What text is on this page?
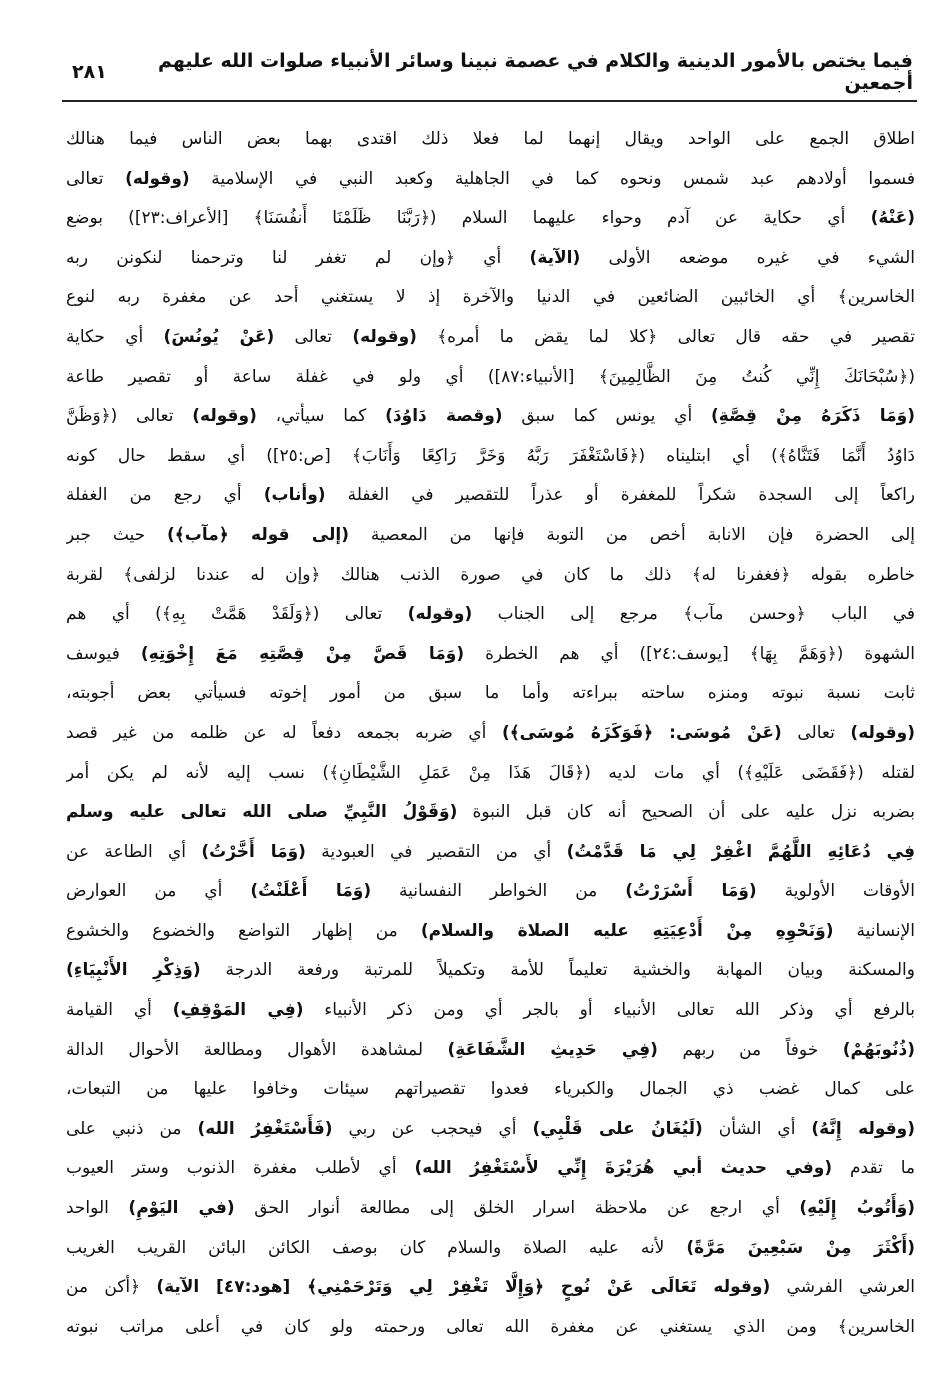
فيما يختص بالأمور الدينية والكلام في عصمة نبينا وسائر الأنبياء صلوات الله عليهم أجمعين
٢٨١
اطلاق الجمع على الواحد ويقال إنهما لما فعلا ذلك اقتدى بهما بعض الناس فيما هنالك
فسموا أولادهم عبد شمس ونحوه كما في الجاهلية وكعبد النبي في الإسلامية (وقوله) تعالى
(عَنْهُ) أي حكاية عن آدم وحواء عليهما السلام (﴿رَبَّنَا ظَلَمْنَا أَنفُسَنَا﴾ [الأعراف:٢٣]) بوضع
الشيء في غيره موضعه الأولى (الآية) أي ﴿وإن لم تغفر لنا وترحمنا لنكونن ربه
الخاسرين﴾ أي الخائبين الضائعين في الدنيا والآخرة إذ لا يستغني أحد عن مغفرة ربه لنوع
تقصير في حقه قال تعالى ﴿كلا لما يقض ما أمره﴾ (وقوله) تعالى (عَنْ يُونُسَ) أي حكاية
(﴿سُبْحَانَكَ إِنِّي كُنتُ مِنَ الظَّالِمِينَ﴾ [الأنبياء:٨٧]) أي ولو في غفلة ساعة أو تقصير طاعة
(وَمَا ذَكَرَهُ مِنْ قِصَّةِ) أي يونس كما سبق (وقصة دَاوُدَ) كما سيأتي، (وقوله) تعالى (﴿وَظَنَّ
دَاوُدُ أَنَّمَا فَتَنَّاهُ﴾) أي ابتليناه (﴿فَاسْتَغْفَرَ رَبَّهُ وَخَرَّ رَاكِعًا وَأَنَابَ﴾ [ص:٢٥]) أي سقط حال كونه
راكعاً إلى السجدة شكراً للمغفرة أو عذراً للتقصير في الغفلة (وأناب) أي رجع من الغفلة
إلى الحضرة فإن الانابة أخص من التوبة فإنها من المعصية (إلى قوله ﴿مآب﴾) حيث جبر
خاطره بقوله ﴿فغفرنا له﴾ ذلك ما كان في صورة الذنب هنالك ﴿وإن له عندنا لزلفى﴾ لقربة
في الباب ﴿وحسن مآب﴾ مرجع إلى الجناب (وقوله) تعالى (﴿وَلَقَدْ هَمَّتْ بِهِ﴾) أي هم
الشهوة (﴿وَهَمَّ بِهَا﴾ [يوسف:٢٤]) أي هم الخطرة (وَمَا قَصَّ مِنْ قِصَّتِهِ مَعَ إِخْوَتِهِ) فيوسف
ثابت نسبة نبوته ومنزه ساحته ببراءته وأما ما سبق من أمور إخوته فسيأتي بعض أجوبته،
(وقوله) تعالى (عَنْ مُوسَى: ﴿فَوَكَزَهُ مُوسَى﴾) أي ضربه بجمعه دفعاً له عن ظلمه من غير قصد
لقتله (﴿فَقَضَى عَلَيْهِ﴾) أي مات لديه (﴿قَالَ هَذَا مِنْ عَمَلِ الشَّيْطَانِ﴾) نسب إليه لأنه لم يكن أمر
بضربه نزل عليه على أن الصحيح أنه كان قبل النبوة (وَقَوْلُ النَّبِيِّ صلى الله تعالى عليه وسلم
فِي دُعَائِهِ اللَّهُمَّ اغْفِرْ لِي مَا قَدَّمْتُ) أي من التقصير في العبودية (وَمَا أَخَّرْتُ) أي الطاعة عن
الأوقات الأولوية (وَمَا أَسْرَرْتُ) من الخواطر النفسانية (وَمَا أَعْلَنْتُ) أي من العوارض
الإنسانية (وَنَحْوِهِ مِنْ أَدْعِيَتِهِ عليه الصلاة والسلام) من إظهار التواضع والخضوع والخشوع
والمسكنة وبيان المهابة والخشية تعليماً للأمة وتكميلاً للمرتبة ورفعة الدرجة (وَذِكْرِ الأَنْبِيَاءِ)
بالرفع أي وذكر الله تعالى الأنبياء أو بالجر أي ومن ذكر الأنبياء (فِي المَوْقِفِ) أي القيامة
(ذُنُوبَهُمْ) خوفاً من ربهم (فِي حَدِيثِ الشَّفَاعَةِ) لمشاهدة الأهوال ومطالعة الأحوال الدالة
على كمال غضب ذي الجمال والكبرياء فعدوا تقصيراتهم سيئات وخافوا عليها من التبعات،
(وقوله إِنَّهُ) أي الشأن (لَيُغَانُ على قَلْبِي) أي فيحجب عن ربي (فَأَسْتَغْفِرُ الله) من ذنبي على
ما تقدم (وفي حديث أبي هُرَيْرَةَ إِنِّي لأَسْتَغْفِرُ الله) أي لأطلب مغفرة الذنوب وستر العيوب
(وَأَتُوبُ إِلَيْهِ) أي ارجع عن ملاحظة اسرار الخلق إلى مطالعة أنوار الحق (في اليَوْمِ) الواحد
(أَكْثَرَ مِنْ سَبْعِينَ مَرَّةً) لأنه عليه الصلاة والسلام كان بوصف الكائن البائن القريب الغريب
العرشي الفرشي (وقوله تَعَالَى عَنْ نُوحٍ ﴿وَإِلَّا تَغْفِرْ لِي وَتَرْحَمْنِي﴾ [هود:٤٧] الآية) ﴿أكن من
الخاسرين﴾ ومن الذي يستغني عن مغفرة الله تعالى ورحمته ولو كان في أعلى مراتب نبوته
